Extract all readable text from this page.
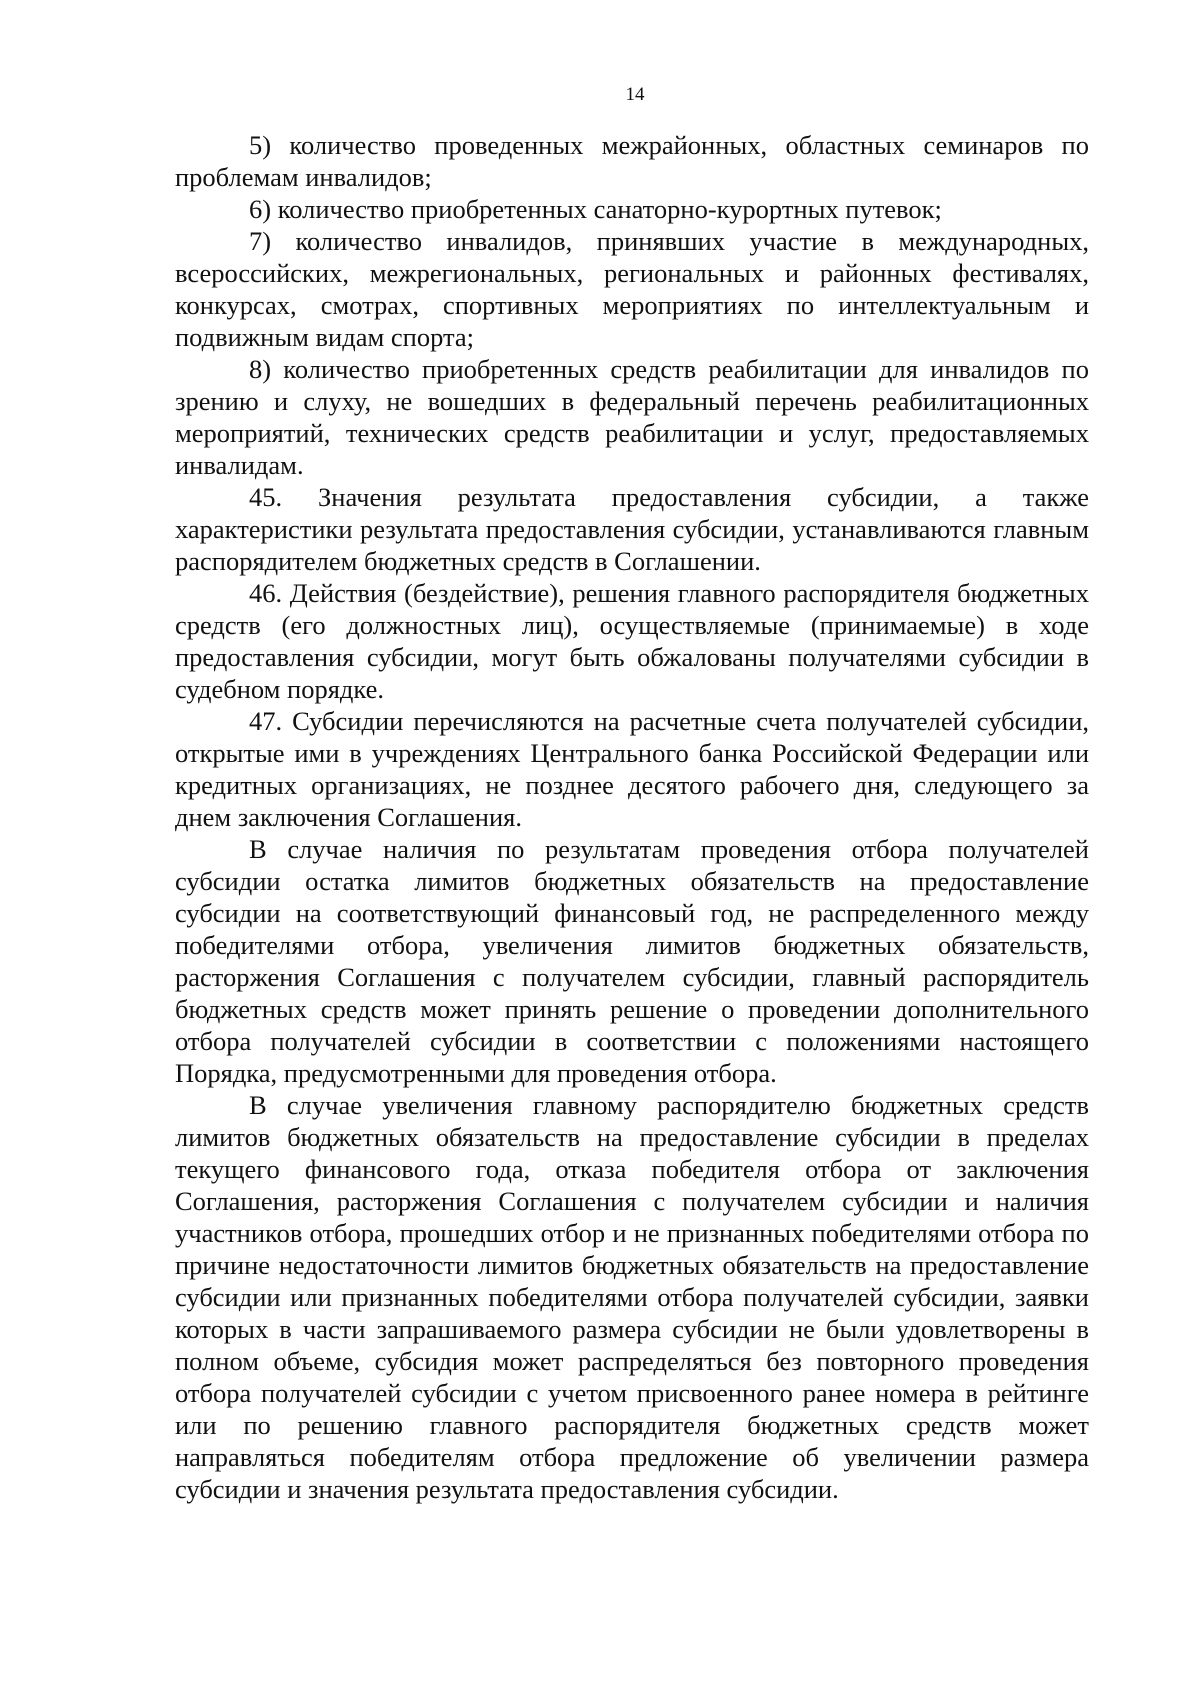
14

5) количество проведенных межрайонных, областных семинаров по проблемам инвалидов;

6) количество приобретенных санаторно-курортных путевок;

7) количество инвалидов, принявших участие в международных, всероссийских, межрегиональных, региональных и районных фестивалях, конкурсах, смотрах, спортивных мероприятиях по интеллектуальным и подвижным видам спорта;

8) количество приобретенных средств реабилитации для инвалидов по зрению и слуху, не вошедших в федеральный перечень реабилитационных мероприятий, технических средств реабилитации и услуг, предоставляемых инвалидам.

45. Значения результата предоставления субсидии, а также характеристики результата предоставления субсидии, устанавливаются главным распорядителем бюджетных средств в Соглашении.

46. Действия (бездействие), решения главного распорядителя бюджетных средств (его должностных лиц), осуществляемые (принимаемые) в ходе предоставления субсидии, могут быть обжалованы получателями субсидии в судебном порядке.

47. Субсидии перечисляются на расчетные счета получателей субсидии, открытые ими в учреждениях Центрального банка Российской Федерации или кредитных организациях, не позднее десятого рабочего дня, следующего за днем заключения Соглашения.

В случае наличия по результатам проведения отбора получателей субсидии остатка лимитов бюджетных обязательств на предоставление субсидии на соответствующий финансовый год, не распределенного между победителями отбора, увеличения лимитов бюджетных обязательств, расторжения Соглашения с получателем субсидии, главный распорядитель бюджетных средств может принять решение о проведении дополнительного отбора получателей субсидии в соответствии с положениями настоящего Порядка, предусмотренными для проведения отбора.

В случае увеличения главному распорядителю бюджетных средств лимитов бюджетных обязательств на предоставление субсидии в пределах текущего финансового года, отказа победителя отбора от заключения Соглашения, расторжения Соглашения с получателем субсидии и наличия участников отбора, прошедших отбор и не признанных победителями отбора по причине недостаточности лимитов бюджетных обязательств на предоставление субсидии или признанных победителями отбора получателей субсидии, заявки которых в части запрашиваемого размера субсидии не были удовлетворены в полном объеме, субсидия может распределяться без повторного проведения отбора получателей субсидии с учетом присвоенного ранее номера в рейтинге или по решению главного распорядителя бюджетных средств может направляться победителям отбора предложение об увеличении размера субсидии и значения результата предоставления субсидии.
